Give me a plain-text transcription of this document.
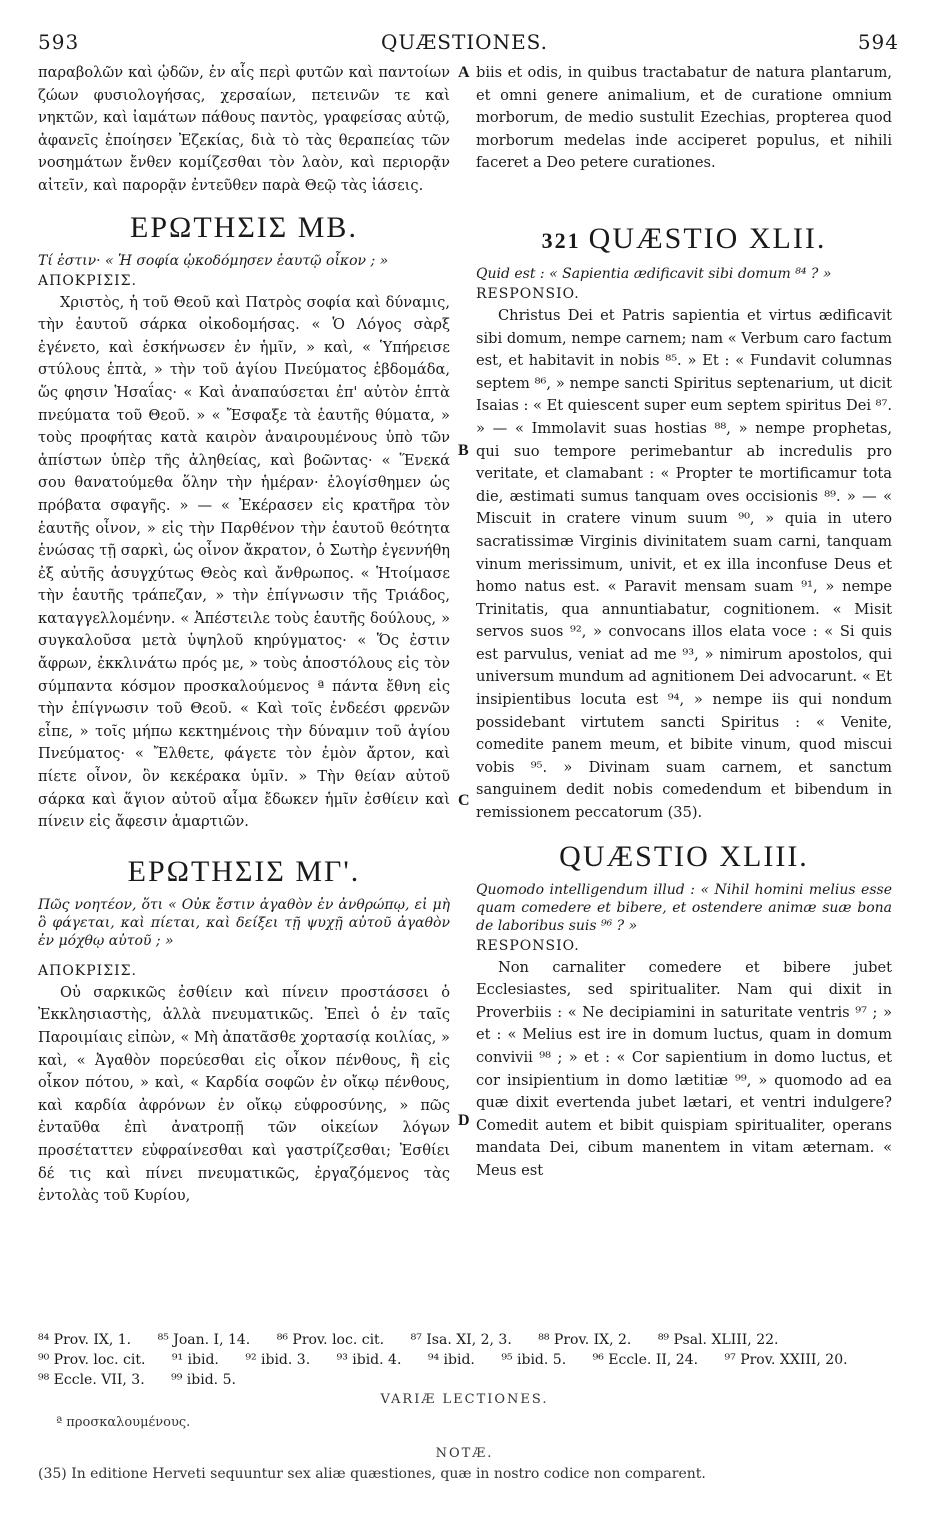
593	QUÆSTIONES.	594
A
B
C
D

παραβολῶν καὶ ᾠδῶν, ἐν αἷς περὶ φυτῶν καὶ παντοίων ζώων φυσιολογήσας, χερσαίων, πετεινῶν τε καὶ νηκτῶν, καὶ ἰαμάτων πάθους παντὸς, γραφείσας αὐτῷ, ἀφανεῖς ἐποίησεν Ἐζεκίας, διὰ τὸ τὰς θεραπείας τῶν νοσημάτων ἔνθεν κομίζεσθαι τὸν λαὸν, καὶ περιορᾷν αἰτεῖν, καὶ παρορᾷν ἐντεῦθεν παρὰ Θεῷ τὰς ἰάσεις.

ΕΡΩΤΗΣΙΣ ΜΒ.

Τί ἐστιν· « Ἡ σοφία ᾠκοδόμησεν ἑαυτῷ οἶκον ; »

ΑΠΟΚΡΙΣΙΣ.

Χριστὸς, ἡ τοῦ Θεοῦ καὶ Πατρὸς σοφία καὶ δύναμις, τὴν ἑαυτοῦ σάρκα οἰκοδομήσας. « Ὁ Λόγος σὰρξ ἐγένετο, καὶ ἐσκήνωσεν ἐν ἡμῖν, » καὶ, « Ὑπήρεισε στύλους ἑπτὰ, » τὴν τοῦ ἁγίου Πνεύματος ἑβδομάδα, ὥς φησιν Ἡσαΐας· « Καὶ ἀναπαύσεται ἐπ' αὐτὸν ἑπτὰ πνεύματα τοῦ Θεοῦ. » « Ἔσφαξε τὰ ἑαυτῆς θύματα, » τοὺς προφήτας κατὰ καιρὸν ἀναιρουμένους ὑπὸ τῶν ἀπίστων ὑπὲρ τῆς ἀληθείας, καὶ βοῶντας· « Ἕνεκά σου θανατούμεθα ὅλην τὴν ἡμέραν· ἐλογίσθημεν ὡς πρόβατα σφαγῆς. » — « Ἐκέρασεν εἰς κρατῆρα τὸν ἑαυτῆς οἶνον, » εἰς τὴν Παρθένον τὴν ἑαυτοῦ θεότητα ἑνώσας τῇ σαρκὶ, ὡς οἶνον ἄκρατον, ὁ Σωτὴρ ἐγεννήθη ἐξ αὐτῆς ἀσυγχύτως Θεὸς καὶ ἄνθρωπος. « Ἡτοίμασε τὴν ἑαυτῆς τράπεζαν, » τὴν ἐπίγνωσιν τῆς Τριάδος, καταγγελλομένην. « Ἀπέστειλε τοὺς ἑαυτῆς δούλους, » συγκαλοῦσα μετὰ ὑψηλοῦ κηρύγματος· « Ὅς ἐστιν ἄφρων, ἐκκλινάτω πρός με, » τοὺς ἀποστόλους εἰς τὸν σύμπαντα κόσμον προσκαλούμενος ª πάντα ἔθνη εἰς τὴν ἐπίγνωσιν τοῦ Θεοῦ. « Καὶ τοῖς ἐνδεέσι φρενῶν εἶπε, » τοῖς μήπω κεκτημένοις τὴν δύναμιν τοῦ ἁγίου Πνεύματος· « Ἔλθετε, φάγετε τὸν ἐμὸν ἄρτον, καὶ πίετε οἶνον, ὃν κεκέρακα ὑμῖν. » Τὴν θείαν αὐτοῦ σάρκα καὶ ἅγιον αὐτοῦ αἷμα ἔδωκεν ἡμῖν ἐσθίειν καὶ πίνειν εἰς ἄφεσιν ἁμαρτιῶν.

ΕΡΩΤΗΣΙΣ ΜΓ'.

Πῶς νοητέον, ὅτι « Οὐκ ἔστιν ἀγαθὸν ἐν ἀνθρώπῳ, εἰ μὴ ὃ φάγεται, καὶ πίεται, καὶ δείξει τῇ ψυχῇ αὐτοῦ ἀγαθὸν ἐν μόχθῳ αὐτοῦ ; »

ΑΠΟΚΡΙΣΙΣ.

Οὐ σαρκικῶς ἐσθίειν καὶ πίνειν προστάσσει ὁ Ἐκκλησιαστὴς, ἀλλὰ πνευματικῶς. Ἐπεὶ ὁ ἐν ταῖς Παροιμίαις εἰπὼν, « Μὴ ἀπατᾶσθε χορτασίᾳ κοιλίας, » καὶ, « Ἀγαθὸν πορεύεσθαι εἰς οἶκον πένθους, ἢ εἰς οἶκον πότου, » καὶ, « Καρδία σοφῶν ἐν οἴκῳ πένθους, καὶ καρδία ἀφρόνων ἐν οἴκῳ εὐφροσύνης, » πῶς ἐνταῦθα ἐπὶ ἀνατροπῇ τῶν οἰκείων λόγων προσέταττεν εὐφραίνεσθαι καὶ γαστρίζεσθαι; Ἐσθίει δέ τις καὶ πίνει πνευματικῶς, ἐργαζόμενος τὰς ἐντολὰς τοῦ Κυρίου,

biis et odis, in quibus tractabatur de natura plantarum, et omni genere animalium, et de curatione omnium morborum, de medio sustulit Ezechias, propterea quod morborum medelas inde acciperet populus, et nihili faceret a Deo petere curationes.

321 QUÆSTIO XLII.

Quid est : « Sapientia ædificavit sibi domum ⁸⁴ ? »

RESPONSIO.

Christus Dei et Patris sapientia et virtus ædificavit sibi domum, nempe carnem; nam « Verbum caro factum est, et habitavit in nobis ⁸⁵. » Et : « Fundavit columnas septem ⁸⁶, » nempe sancti Spiritus septenarium, ut dicit Isaias : « Et quiescent super eum septem spiritus Dei ⁸⁷. » — « Immolavit suas hostias ⁸⁸, » nempe prophetas, qui suo tempore perimebantur ab incredulis pro veritate, et clamabant : « Propter te mortificamur tota die, æstimati sumus tanquam oves occisionis ⁸⁹. » — « Miscuit in cratere vinum suum ⁹⁰, » quia in utero sacratissimæ Virginis divinitatem suam carni, tanquam vinum merissimum, univit, et ex illa inconfuse Deus et homo natus est. « Paravit mensam suam ⁹¹, » nempe Trinitatis, qua annuntiabatur, cognitionem. « Misit servos suos ⁹², » convocans illos elata voce : « Si quis est parvulus, veniat ad me ⁹³, » nimirum apostolos, qui universum mundum ad agnitionem Dei advocarunt. « Et insipientibus locuta est ⁹⁴, » nempe iis qui nondum possidebant virtutem sancti Spiritus : « Venite, comedite panem meum, et bibite vinum, quod miscui vobis ⁹⁵. » Divinam suam carnem, et sanctum sanguinem dedit nobis comedendum et bibendum in remissionem peccatorum (35).

QUÆSTIO XLIII.

Quomodo intelligendum illud : « Nihil homini melius esse quam comedere et bibere, et ostendere animæ suæ bona de laboribus suis ⁹⁶ ? »

RESPONSIO.

Non carnaliter comedere et bibere jubet Ecclesiastes, sed spiritualiter. Nam qui dixit in Proverbiis : « Ne decipiamini in saturitate ventris ⁹⁷ ; » et : « Melius est ire in domum luctus, quam in domum convivii ⁹⁸ ; » et : « Cor sapientium in domo luctus, et cor insipientium in domo lætitiæ ⁹⁹, » quomodo ad ea quæ dixit evertenda jubet lætari, et ventri indulgere? Comedit autem et bibit quispiam spiritualiter, operans mandata Dei, cibum manentem in vitam æternam. « Meus est

⁸⁴ Prov. IX, 1. ⁸⁵ Joan. I, 14. ⁸⁶ Prov. loc. cit. ⁸⁷ Isa. XI, 2, 3. ⁸⁸ Prov. IX, 2. ⁸⁹ Psal. XLIII, 22.
⁹⁰ Prov. loc. cit. ⁹¹ ibid. ⁹² ibid. 3. ⁹³ ibid. 4. ⁹⁴ ibid. ⁹⁵ ibid. 5. ⁹⁶ Eccle. II, 24. ⁹⁷ Prov. XXIII, 20.
⁹⁸ Eccle. VII, 3. ⁹⁹ ibid. 5.
VARIÆ LECTIONES.
ª προσκαλουμένους.
NOTÆ.
(35) In editione Herveti sequuntur sex aliæ quæstiones, quæ in nostro codice non comparent.
